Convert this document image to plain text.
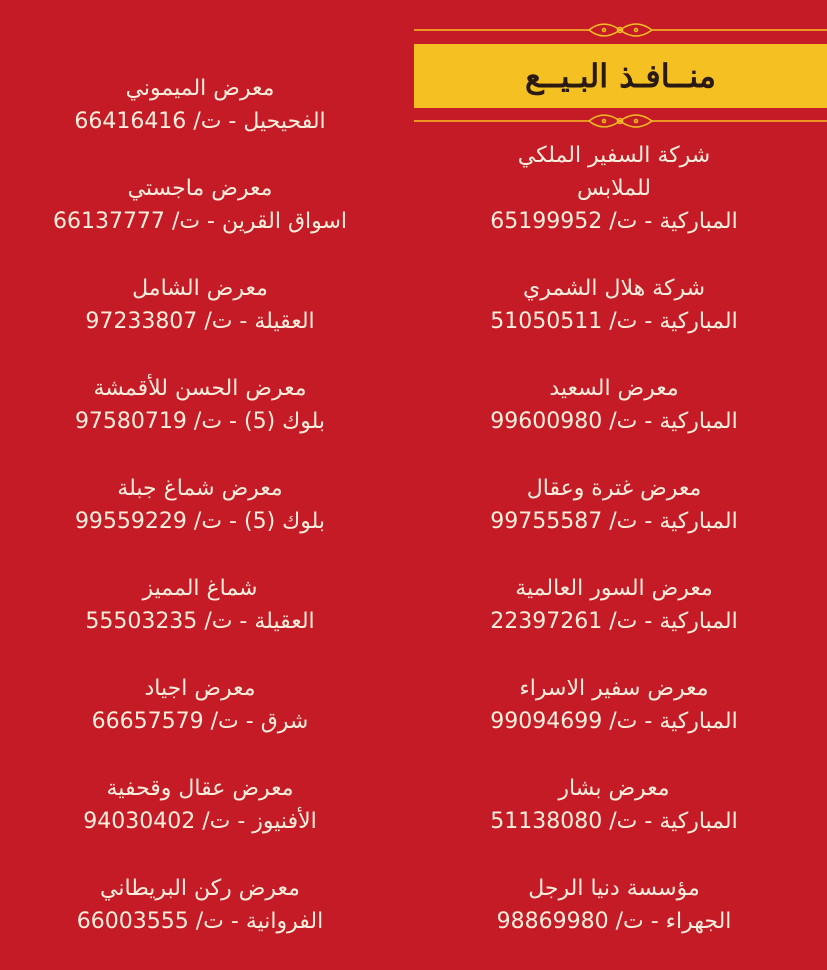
منــافـذ البـيــع
شركة السفير الملكي
للملابس
المباركية - ت/ 65199952
شركة هلال الشمري
المباركية - ت/ 51050511
معرض السعيد
المباركية - ت/ 99600980
معرض غترة وعقال
المباركية - ت/ 99755587
معرض السور العالمية
المباركية - ت/ 22397261
معرض سفير الاسراء
المباركية - ت/ 99094699
معرض بشار
المباركية - ت/ 51138080
مؤسسة دنيا الرجل
الجهراء - ت/ 98869980
معرض الميموني
الفحيحيل - ت/ 66416416
معرض ماجستي
اسواق القرين - ت/ 66137777
معرض الشامل
العقيلة - ت/ 97233807
معرض الحسن للأقمشة
بلوك (5) - ت/ 97580719
معرض شماغ جبلة
بلوك (5) - ت/ 99559229
شماغ المميز
العقيلة - ت/ 55503235
معرض اجياد
شرق - ت/ 66657579
معرض عقال وقحفية
الأفنيوز - ت/ 94030402
معرض ركن البريطاني
الفروانية - ت/ 66003555
